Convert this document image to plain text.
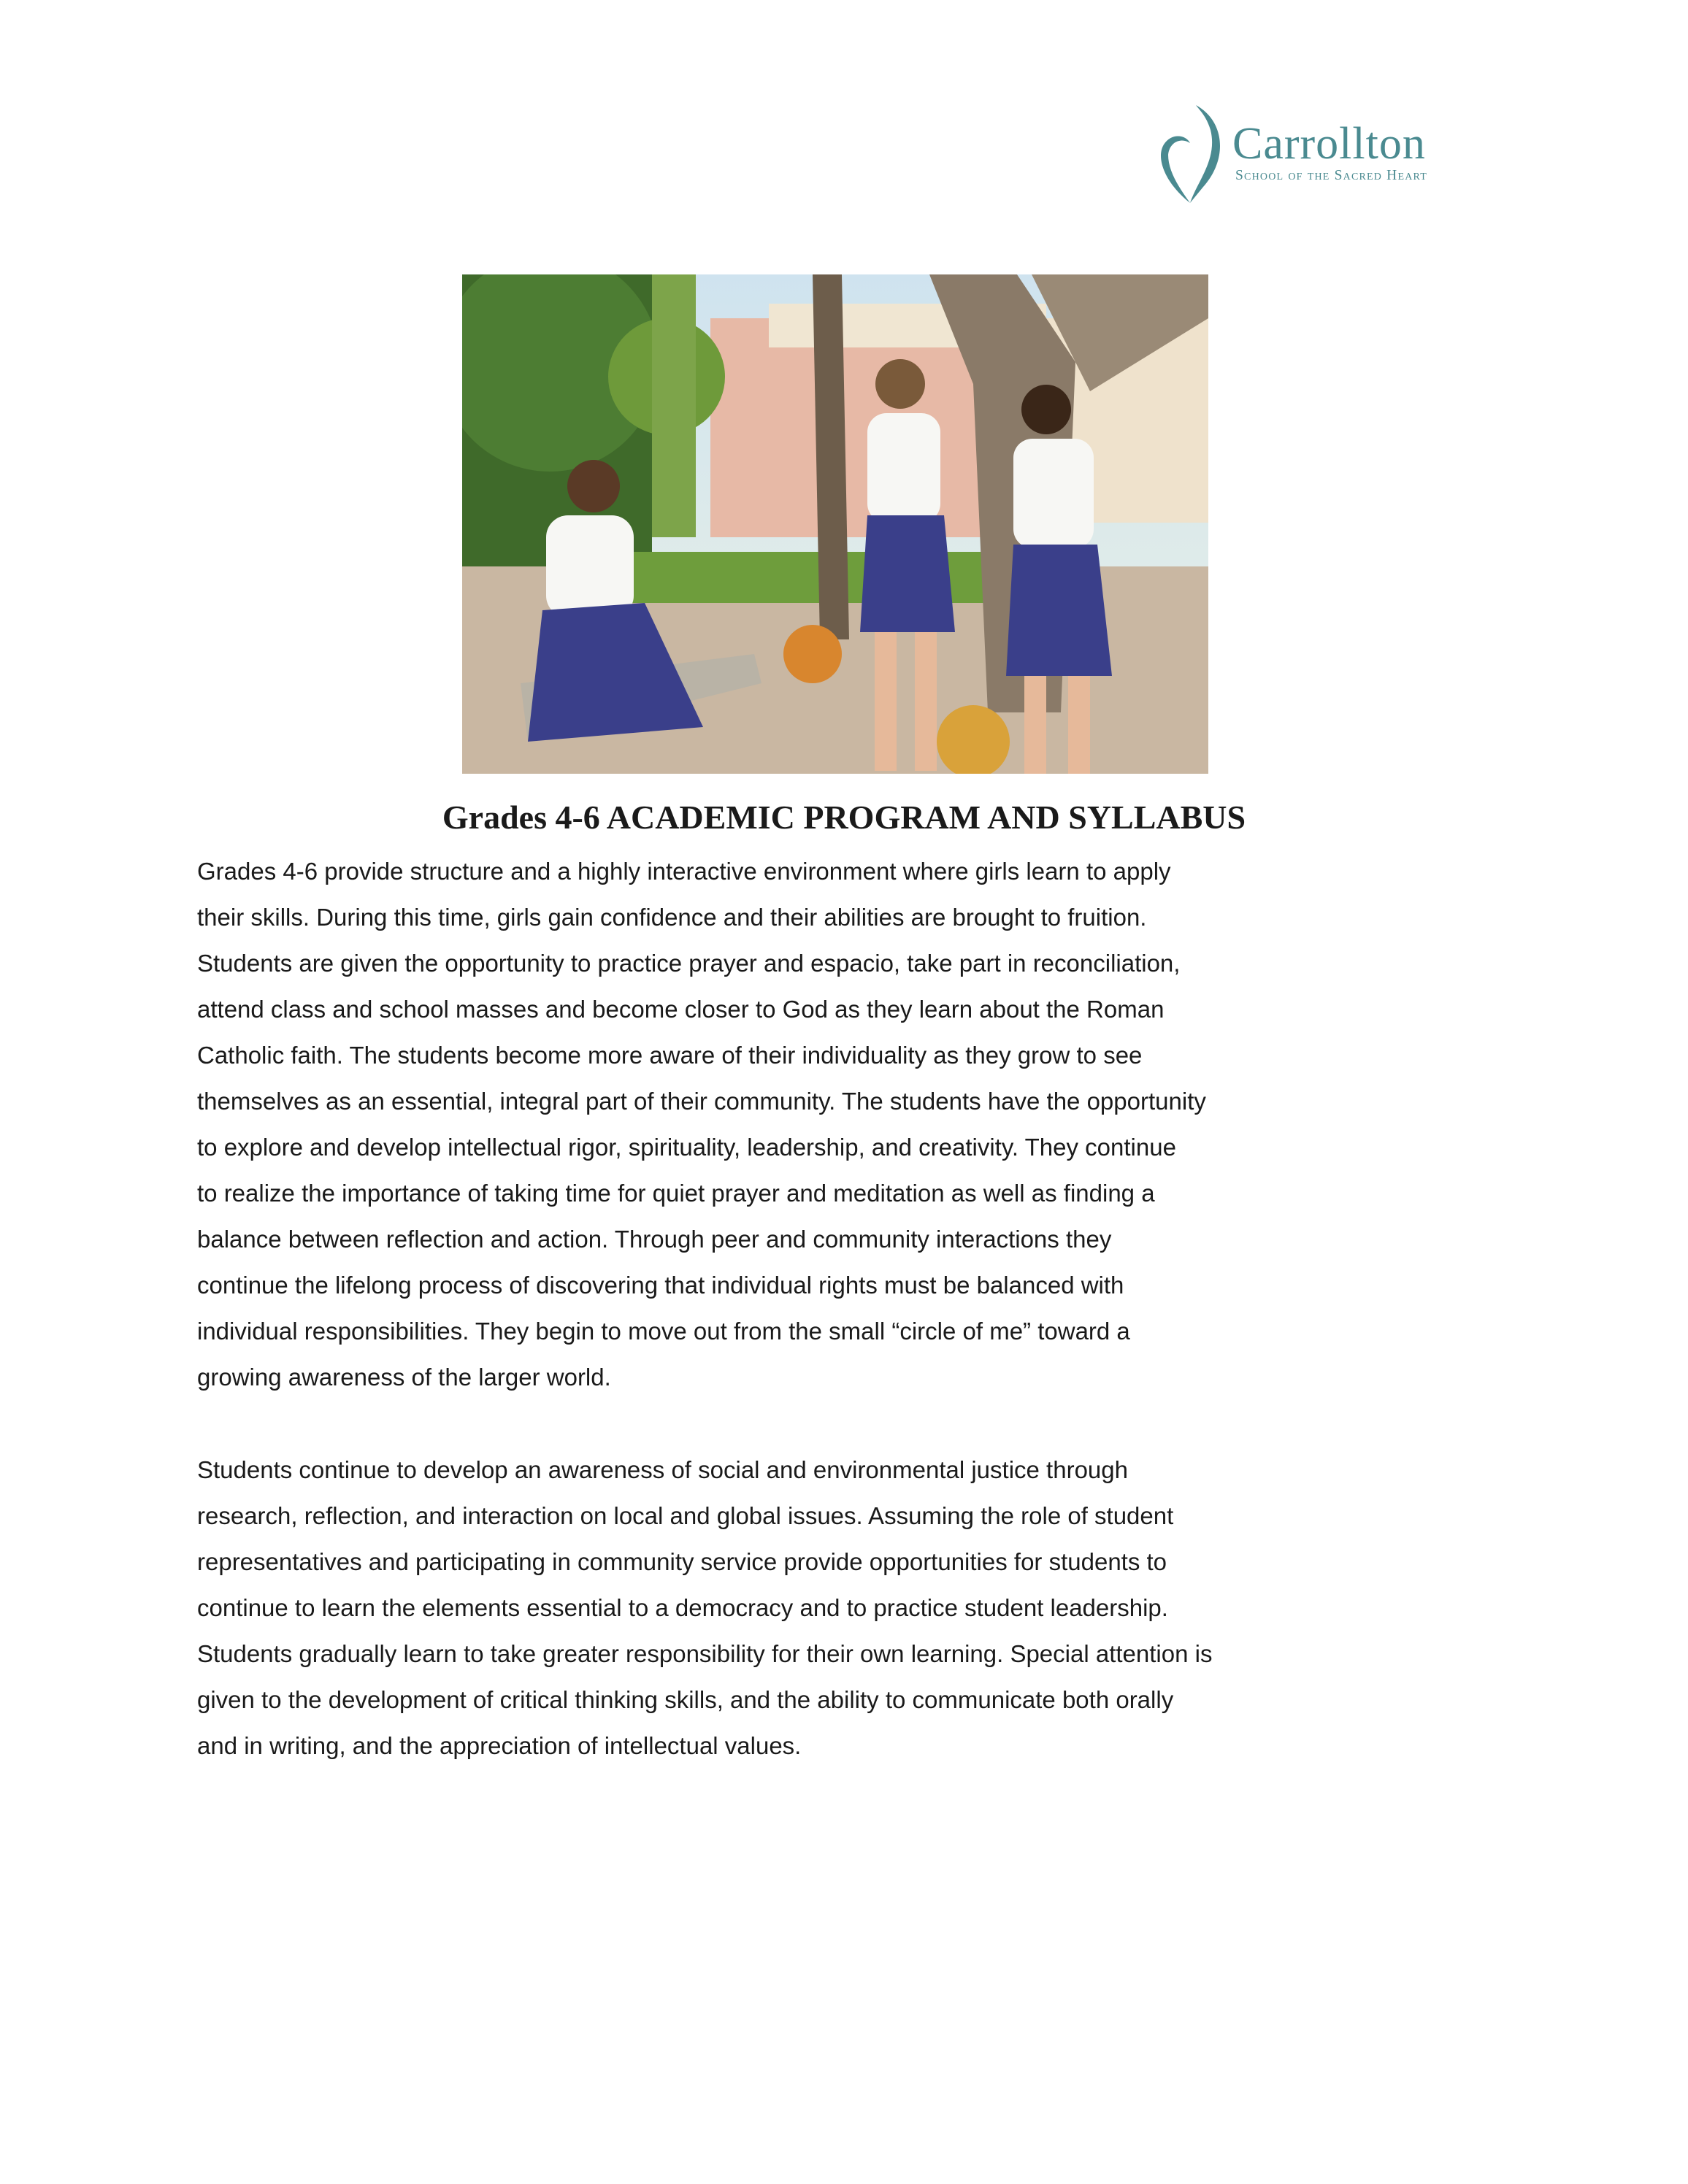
Carrollton
School of the Sacred Heart
Grades 4-6 ACADEMIC PROGRAM AND SYLLABUS
Grades 4-6 provide structure and a highly interactive environment where girls learn to apply
their skills. During this time, girls gain confidence and their abilities are brought to fruition.
Students are given the opportunity to practice prayer and espacio, take part in reconciliation,
attend class and school masses and become closer to God as they learn about the Roman
Catholic faith. The students become more aware of their individuality as they grow to see
themselves as an essential, integral part of their community. The students have the opportunity
to explore and develop intellectual rigor, spirituality, leadership, and creativity. They continue
to realize the importance of taking time for quiet prayer and meditation as well as finding a
balance between reflection and action. Through peer and community interactions they
continue the lifelong process of discovering that individual rights must be balanced with
individual responsibilities. They begin to move out from the small “circle of me” toward a
growing awareness of the larger world.
Students continue to develop an awareness of social and environmental justice through
research, reflection, and interaction on local and global issues. Assuming the role of student
representatives and participating in community service provide opportunities for students to
continue to learn the elements essential to a democracy and to practice student leadership.
Students gradually learn to take greater responsibility for their own learning. Special attention is
given to the development of critical thinking skills, and the ability to communicate both orally
and in writing, and the appreciation of intellectual values.
